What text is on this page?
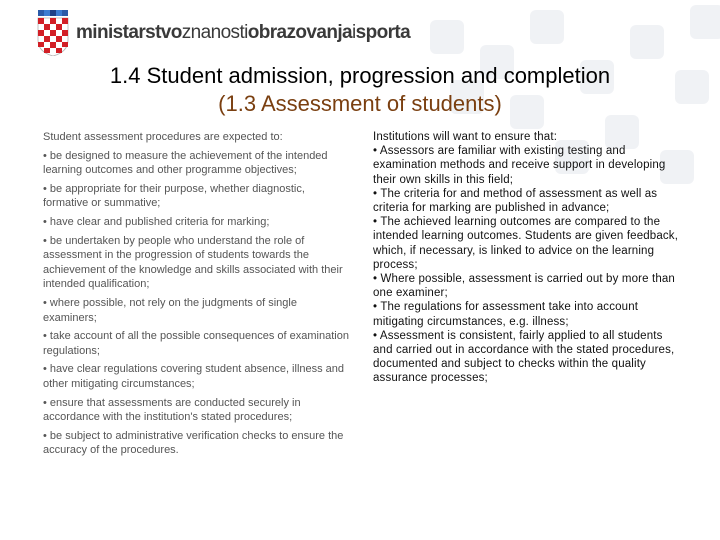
ministarstvoznanostiobrazovanjaisporta
1.4 Student admission, progression and completion
(1.3 Assessment of students)

Student assessment procedures are expected to:

• be designed to measure the achievement of the intended learning outcomes and other programme objectives;

• be appropriate for their purpose, whether diagnostic, formative or summative;

• have clear and published criteria for marking;

• be undertaken by people who understand the role of assessment in the progression of students towards the achievement of the knowledge and skills associated with their intended qualification;

• where possible, not rely on the judgments of single examiners;

• take account of all the possible consequences of examination regulations;

• have clear regulations covering student absence, illness and other mitigating circumstances;

• ensure that assessments are conducted securely in accordance with the institution's stated procedures;

• be subject to administrative verification checks to ensure the accuracy of the procedures.

Institutions will want to ensure that:

• Assessors are familiar with existing testing and examination methods and receive support in developing their own skills in this field;

• The criteria for and method of assessment as well as criteria for marking are published in advance;

• The achieved learning outcomes are compared to the intended learning outcomes. Students are given feedback, which, if necessary, is linked to advice on the learning process;

• Where possible, assessment is carried out by more than one examiner;

• The regulations for assessment take into account mitigating circumstances, e.g. illness;

• Assessment is consistent, fairly applied to all students and carried out in accordance with the stated procedures, documented and subject to checks within the quality assurance processes;
